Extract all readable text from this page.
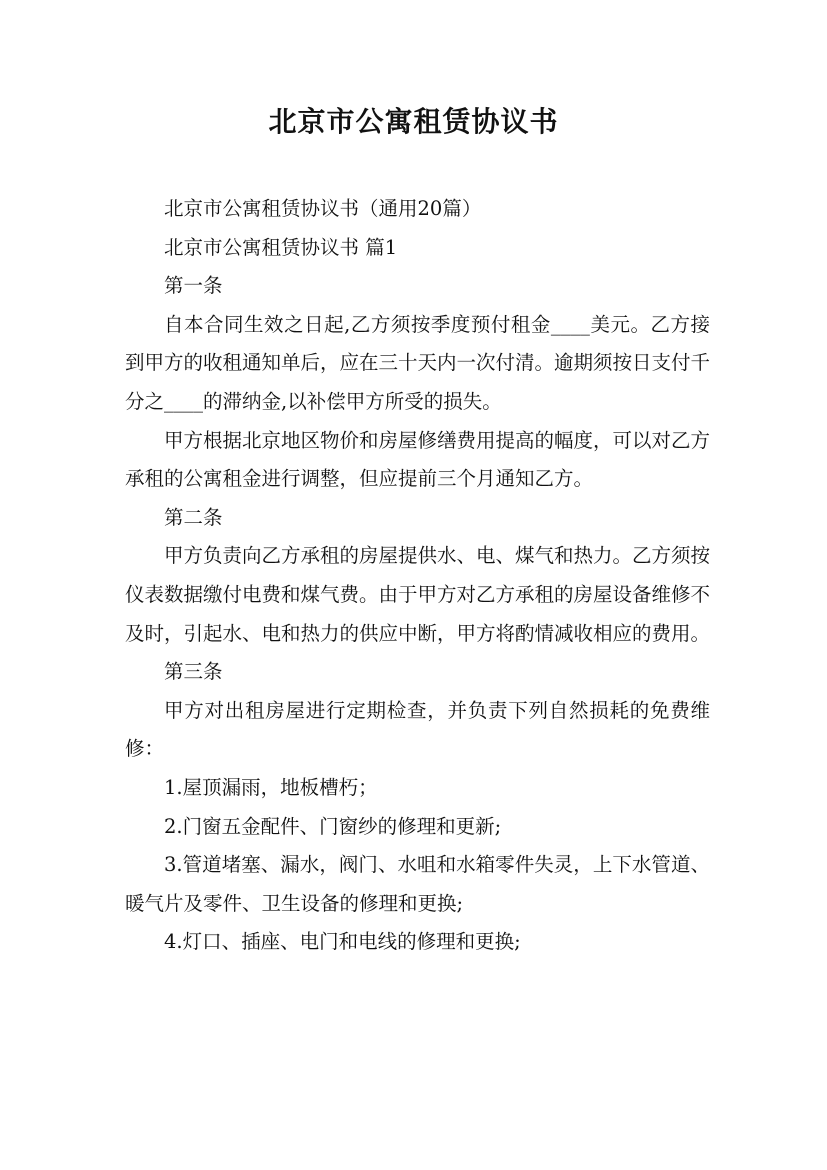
北京市公寓租赁协议书

北京市公寓租赁协议书（通用20篇）

北京市公寓租赁协议书 篇1

第一条

自本合同生效之日起,乙方须按季度预付租金____美元。乙方接到甲方的收租通知单后，应在三十天内一次付清。逾期须按日支付千分之____的滞纳金,以补偿甲方所受的损失。

甲方根据北京地区物价和房屋修缮费用提高的幅度，可以对乙方承租的公寓租金进行调整，但应提前三个月通知乙方。

第二条

甲方负责向乙方承租的房屋提供水、电、煤气和热力。乙方须按仪表数据缴付电费和煤气费。由于甲方对乙方承租的房屋设备维修不及时，引起水、电和热力的供应中断，甲方将酌情减收相应的费用。

第三条

甲方对出租房屋进行定期检查，并负责下列自然损耗的免费维修：

1.屋顶漏雨，地板槽朽；

2.门窗五金配件、门窗纱的修理和更新;

3.管道堵塞、漏水，阀门、水咀和水箱零件失灵，上下水管道、暖气片及零件、卫生设备的修理和更换;

4.灯口、插座、电门和电线的修理和更换;
